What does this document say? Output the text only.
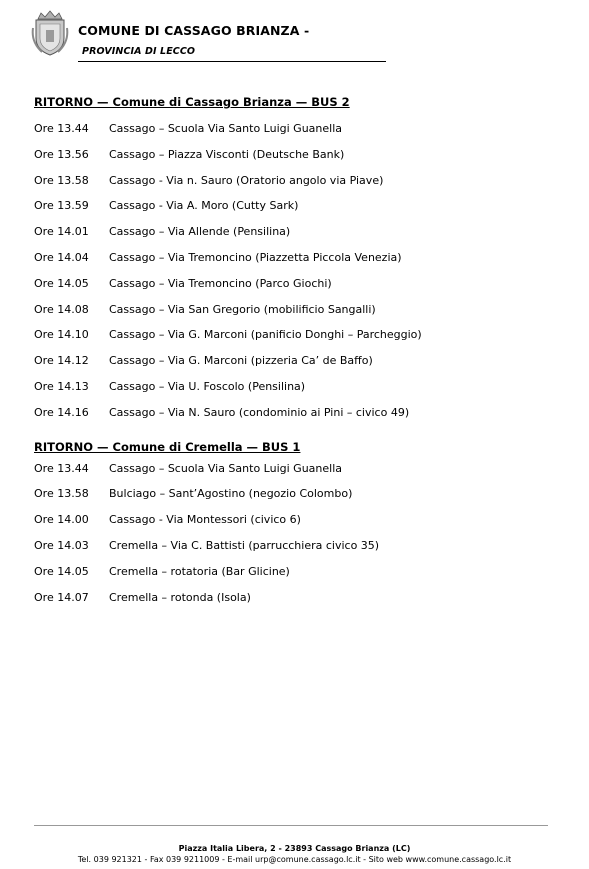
COMUNE DI CASSAGO BRIANZA -PROVINCIA DI LECCO
RITORNO — Comune di Cassago Brianza — BUS 2
Ore 13.44	Cassago – Scuola Via Santo Luigi Guanella
Ore 13.56	Cassago – Piazza Visconti (Deutsche Bank)
Ore 13.58	Cassago - Via n. Sauro (Oratorio angolo via Piave)
Ore 13.59	Cassago - Via A. Moro (Cutty Sark)
Ore 14.01	Cassago – Via Allende (Pensilina)
Ore 14.04	Cassago – Via Tremoncino (Piazzetta Piccola Venezia)
Ore 14.05	Cassago – Via Tremoncino (Parco Giochi)
Ore 14.08	Cassago – Via San Gregorio (mobilificio Sangalli)
Ore 14.10	Cassago – Via G. Marconi (panificio Donghi – Parcheggio)
Ore 14.12	Cassago – Via G. Marconi (pizzeria Ca’ de Baffo)
Ore 14.13	Cassago – Via U. Foscolo (Pensilina)
Ore 14.16	Cassago – Via N. Sauro (condominio ai Pini – civico 49)
RITORNO — Comune di Cremella — BUS 1
Ore 13.44	Cassago – Scuola Via Santo Luigi Guanella
Ore 13.58	Bulciago – Sant’Agostino (negozio Colombo)
Ore 14.00	Cassago - Via Montessori (civico 6)
Ore 14.03	Cremella – Via C. Battisti (parrucchiera civico 35)
Ore 14.05	Cremella – rotatoria (Bar Glicine)
Ore 14.07	Cremella – rotonda (Isola)
Piazza Italia Libera, 2 - 23893 Cassago Brianza (LC)
Tel. 039 921321 - Fax 039 9211009 - E-mail urp@comune.cassago.lc.it - Sito web www.comune.cassago.lc.it
